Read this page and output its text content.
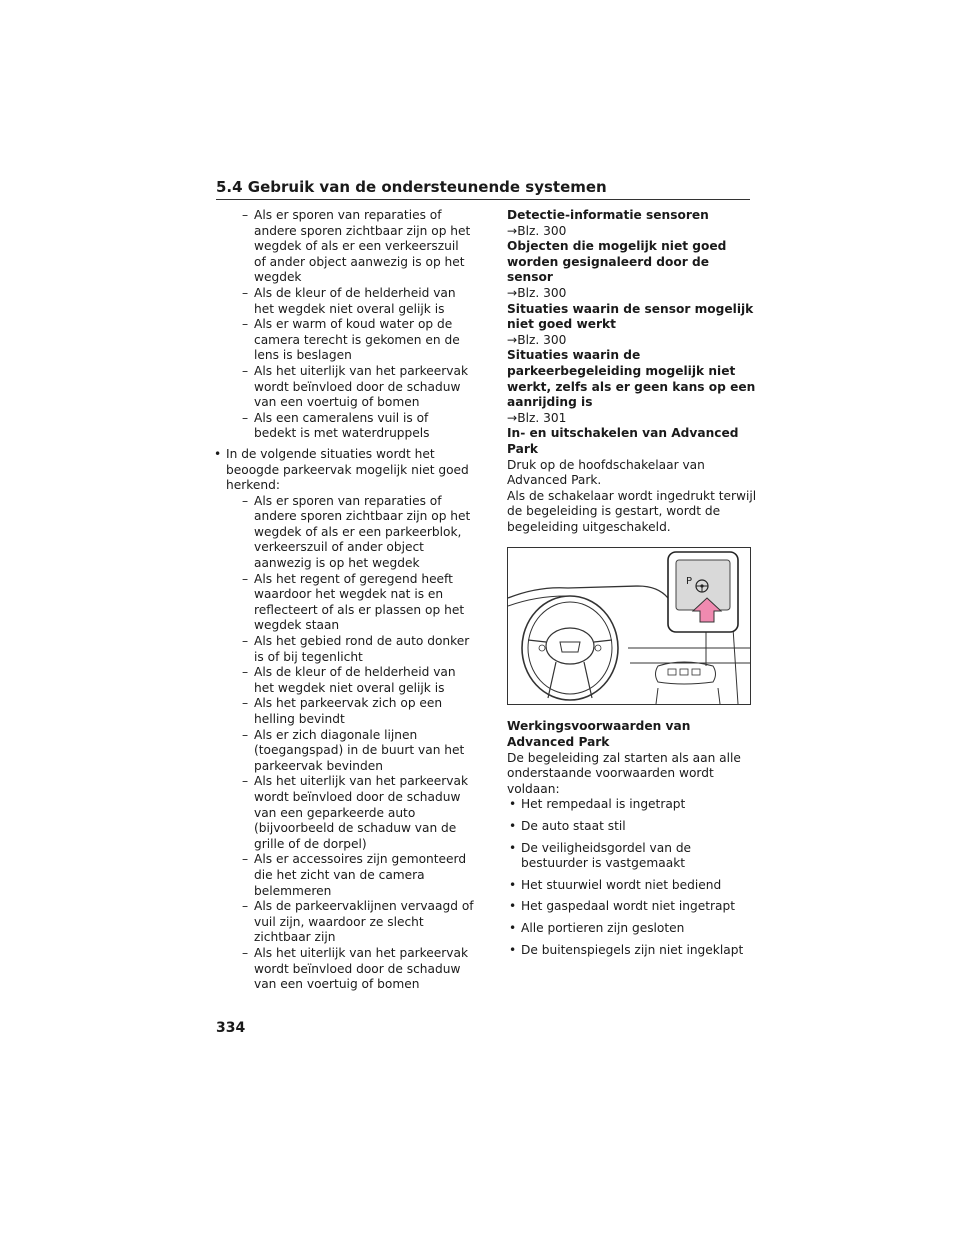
5.4 Gebruik van de ondersteunende systemen
– Als er sporen van reparaties of andere sporen zichtbaar zijn op het wegdek of als er een verkeerszuil of ander object aanwezig is op het wegdek
– Als de kleur of de helderheid van het wegdek niet overal gelijk is
– Als er warm of koud water op de camera terecht is gekomen en de lens is beslagen
– Als het uiterlijk van het parkeervak wordt beïnvloed door de schaduw van een voertuig of bomen
– Als een cameralens vuil is of bedekt is met waterdruppels
• In de volgende situaties wordt het beoogde parkeervak mogelijk niet goed herkend:
– Als er sporen van reparaties of andere sporen zichtbaar zijn op het wegdek of als er een parkeerblok, verkeerszuil of ander object aanwezig is op het wegdek
– Als het regent of geregend heeft waardoor het wegdek nat is en reflecteert of als er plassen op het wegdek staan
– Als het gebied rond de auto donker is of bij tegenlicht
– Als de kleur of de helderheid van het wegdek niet overal gelijk is
– Als het parkeervak zich op een helling bevindt
– Als er zich diagonale lijnen (toegangspad) in de buurt van het parkeervak bevinden
– Als het uiterlijk van het parkeervak wordt beïnvloed door de schaduw van een geparkeerde auto (bijvoorbeeld de schaduw van de grille of de dorpel)
– Als er accessoires zijn gemonteerd die het zicht van de camera belemmeren
– Als de parkeervaklijnen vervaagd of vuil zijn, waardoor ze slecht zichtbaar zijn
– Als het uiterlijk van het parkeervak wordt beïnvloed door de schaduw van een voertuig of bomen

Detectie-informatie sensoren

→Blz. 300

Objecten die mogelijk niet goed worden gesignaleerd door de sensor

→Blz. 300

Situaties waarin de sensor mogelijk niet goed werkt

→Blz. 300

Situaties waarin de parkeerbegeleiding mogelijk niet werkt, zelfs als er geen kans op een aanrijding is

→Blz. 301

In- en uitschakelen van Advanced Park

Druk op de hoofdschakelaar van Advanced Park.

Als de schakelaar wordt ingedrukt terwijl de begeleiding is gestart, wordt de begeleiding uitgeschakeld.

P

Werkingsvoorwaarden van Advanced Park

De begeleiding zal starten als aan alle onderstaande voorwaarden wordt voldaan:

• Het rempedaal is ingetrapt
• De auto staat stil
• De veiligheidsgordel van de bestuurder is vastgemaakt
• Het stuurwiel wordt niet bediend
• Het gaspedaal wordt niet ingetrapt
• Alle portieren zijn gesloten
• De buitenspiegels zijn niet ingeklapt
334
